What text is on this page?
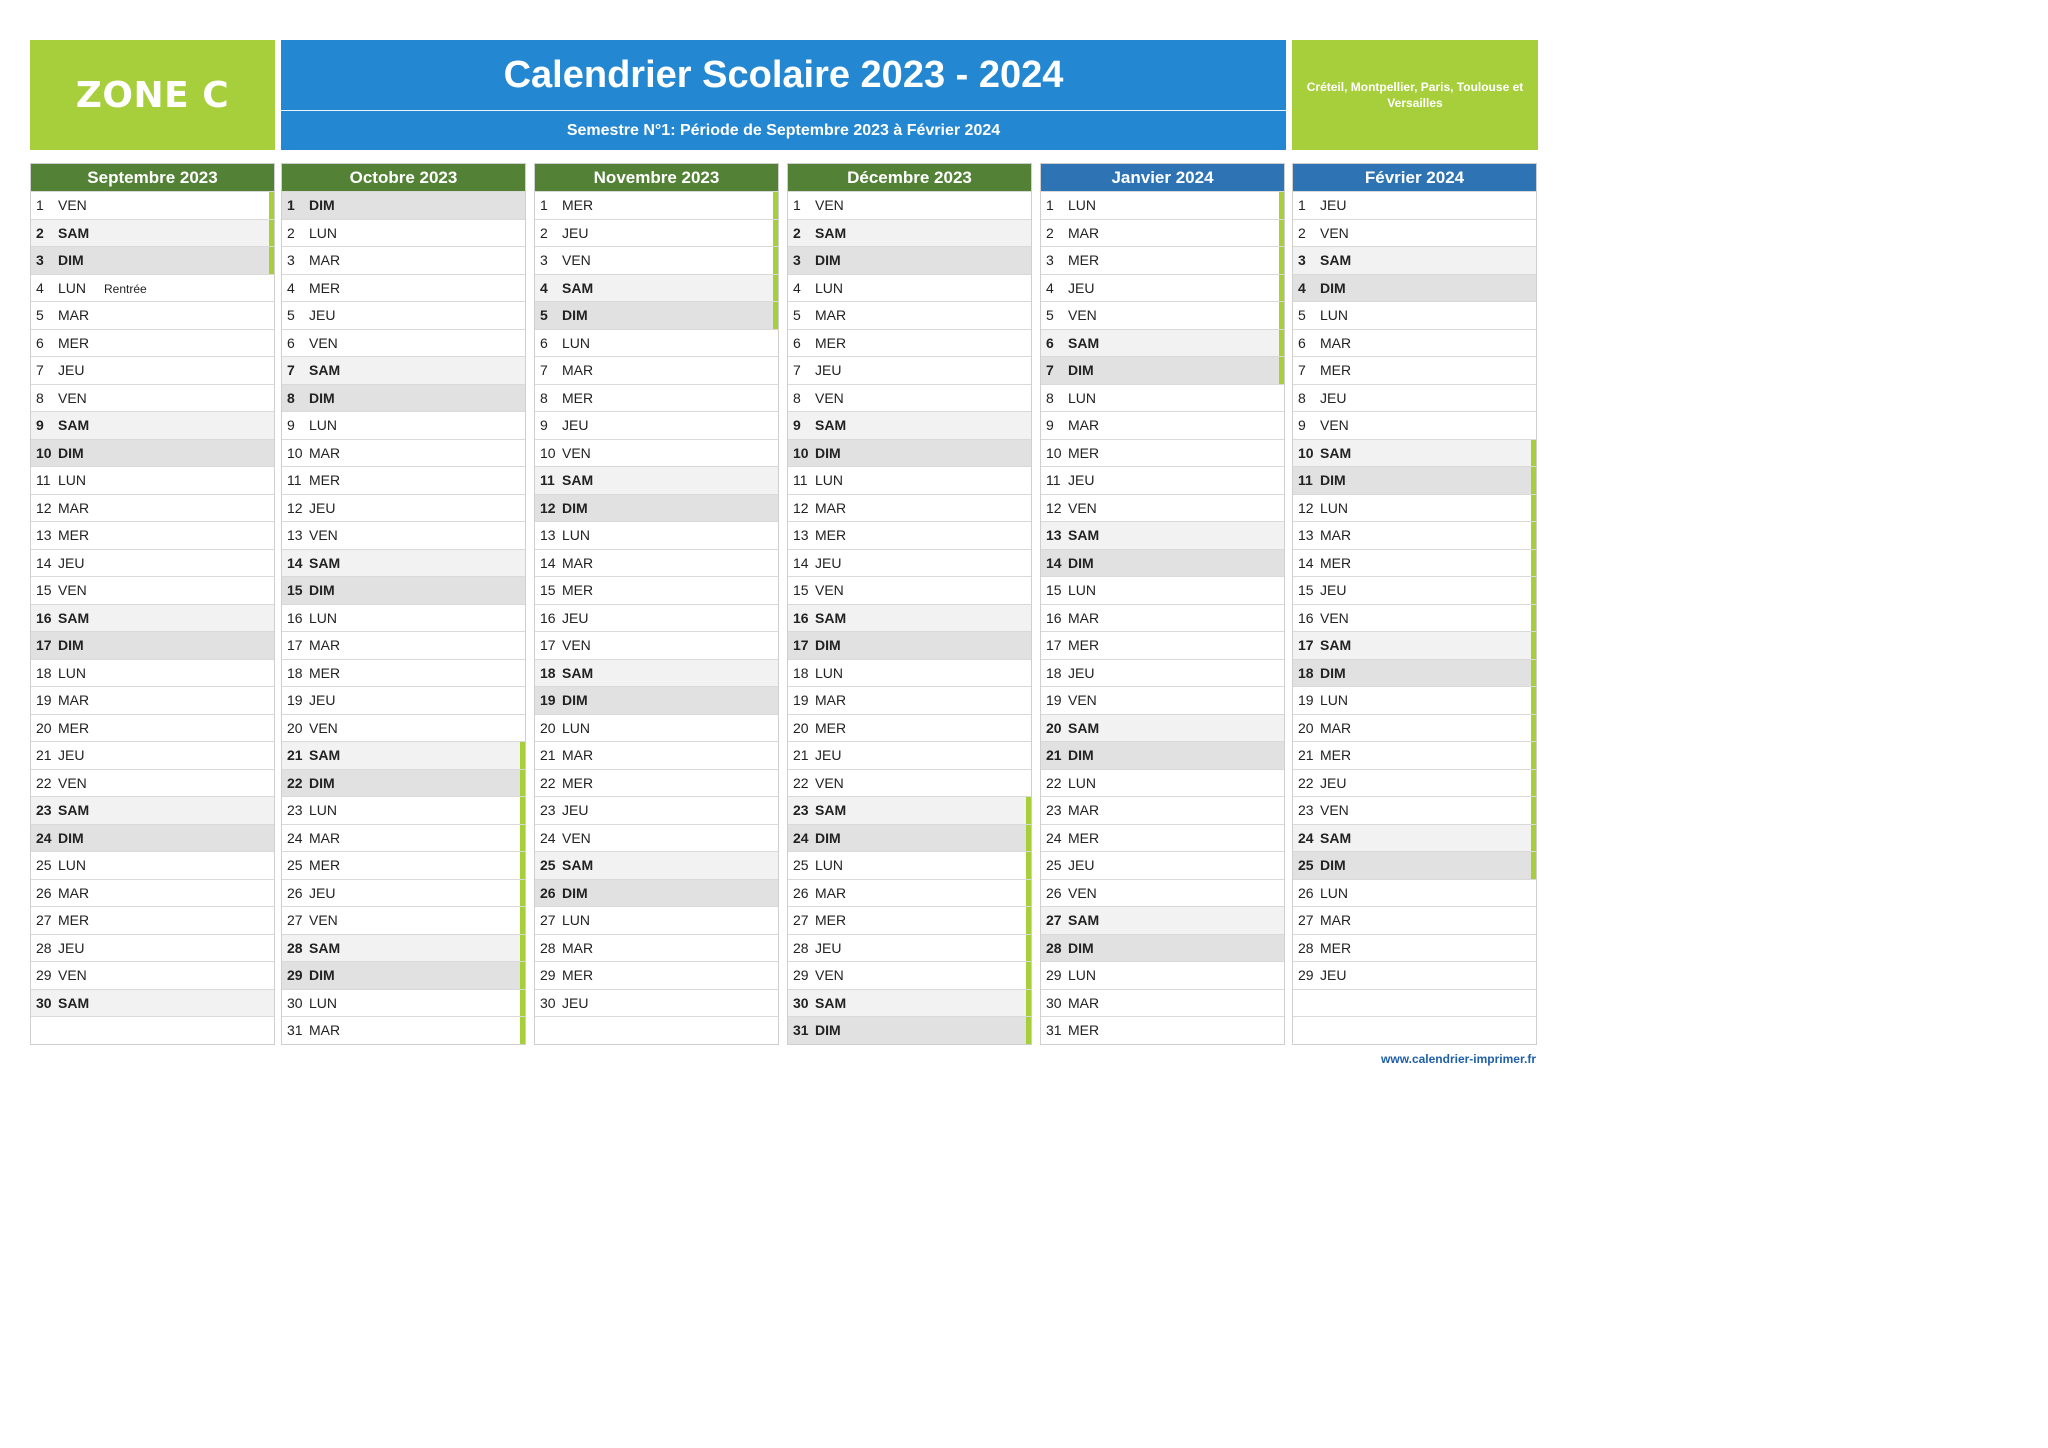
ZONE C	Calendrier Scolaire 2023 - 2024
Semestre N°1: Période de Septembre 2023 à Février 2024
Créteil, Montpellier, Paris, Toulouse et Versailles
Septembre 2023
1 VEN
2 SAM
3 DIM
4 LUN Rentrée
5 MAR
6 MER
7 JEU
8 VEN
9 SAM
10 DIM
11 LUN
12 MAR
13 MER
14 JEU
15 VEN
16 SAM
17 DIM
18 LUN
19 MAR
20 MER
21 JEU
22 VEN
23 SAM
24 DIM
25 LUN
26 MAR
27 MER
28 JEU
29 VEN
30 SAM
Octobre 2023
1 DIM
2 LUN
3 MAR
4 MER
5 JEU
6 VEN
7 SAM
8 DIM
9 LUN
10 MAR
11 MER
12 JEU
13 VEN
14 SAM
15 DIM
16 LUN
17 MAR
18 MER
19 JEU
20 VEN
21 SAM
22 DIM
23 LUN
24 MAR
25 MER
26 JEU
27 VEN
28 SAM
29 DIM
30 LUN
31 MAR
Novembre 2023
1 MER
2 JEU
3 VEN
4 SAM
5 DIM
6 LUN
7 MAR
8 MER
9 JEU
10 VEN
11 SAM
12 DIM
13 LUN
14 MAR
15 MER
16 JEU
17 VEN
18 SAM
19 DIM
20 LUN
21 MAR
22 MER
23 JEU
24 VEN
25 SAM
26 DIM
27 LUN
28 MAR
29 MER
30 JEU
Décembre 2023
1 VEN
2 SAM
3 DIM
4 LUN
5 MAR
6 MER
7 JEU
8 VEN
9 SAM
10 DIM
11 LUN
12 MAR
13 MER
14 JEU
15 VEN
16 SAM
17 DIM
18 LUN
19 MAR
20 MER
21 JEU
22 VEN
23 SAM
24 DIM
25 LUN
26 MAR
27 MER
28 JEU
29 VEN
30 SAM
31 DIM
Janvier 2024
1 LUN
2 MAR
3 MER
4 JEU
5 VEN
6 SAM
7 DIM
8 LUN
9 MAR
10 MER
11 JEU
12 VEN
13 SAM
14 DIM
15 LUN
16 MAR
17 MER
18 JEU
19 VEN
20 SAM
21 DIM
22 LUN
23 MAR
24 MER
25 JEU
26 VEN
27 SAM
28 DIM
29 LUN
30 MAR
31 MER
Février 2024
1 JEU
2 VEN
3 SAM
4 DIM
5 LUN
6 MAR
7 MER
8 JEU
9 VEN
10 SAM
11 DIM
12 LUN
13 MAR
14 MER
15 JEU
16 VEN
17 SAM
18 DIM
19 LUN
20 MAR
21 MER
22 JEU
23 VEN
24 SAM
25 DIM
26 LUN
27 MAR
28 MER
29 JEU
www.calendrier-imprimer.fr
